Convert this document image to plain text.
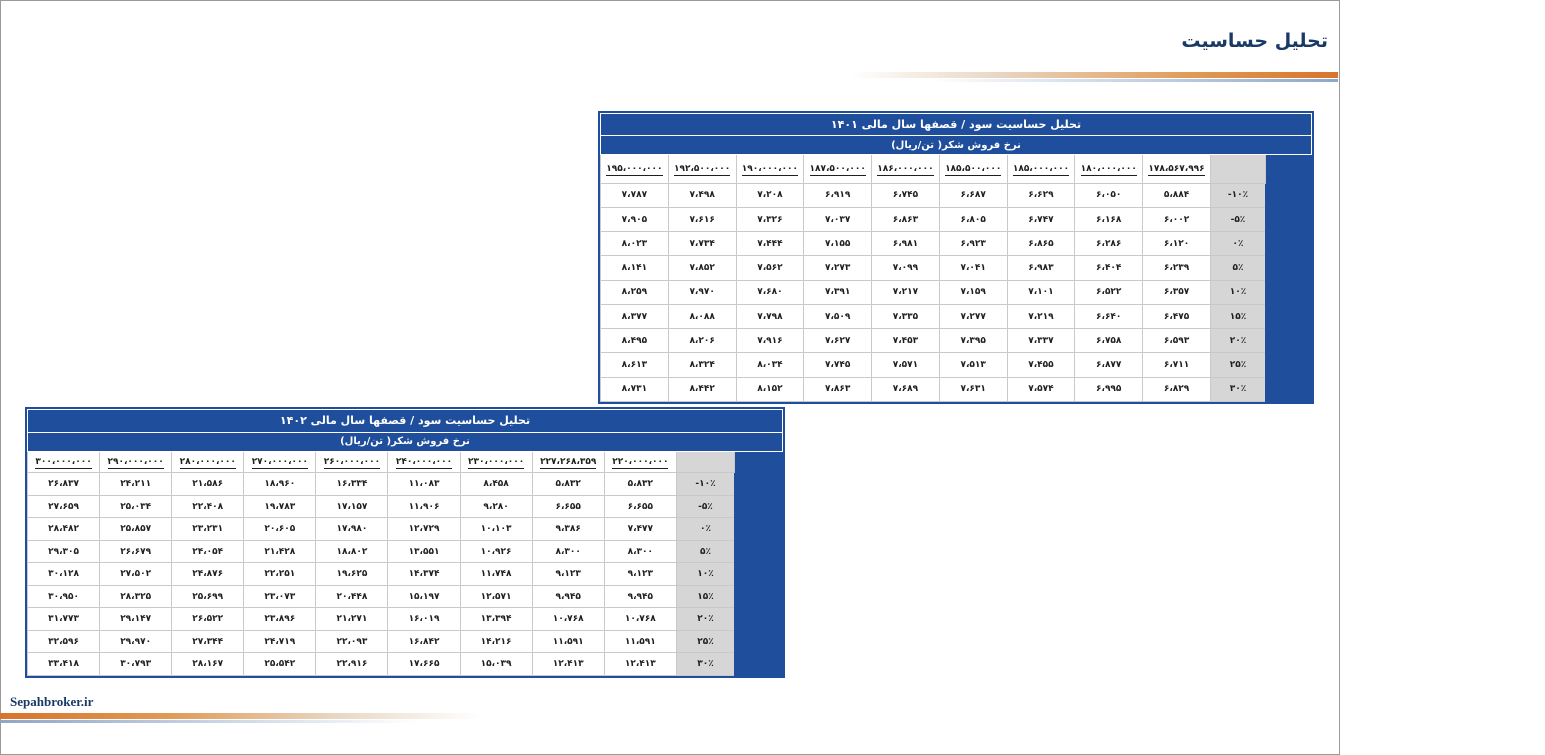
تحلیل حساسیت
تحلیل حساسیت سود / قصفها سال مالی ۱۴۰۱										
نرخ فروش شکر( تن/ریال)										
۱۹۵،۰۰۰،۰۰۰	۱۹۲،۵۰۰،۰۰۰	۱۹۰،۰۰۰،۰۰۰	۱۸۷،۵۰۰،۰۰۰	۱۸۶،۰۰۰،۰۰۰	۱۸۵،۵۰۰،۰۰۰	۱۸۵،۰۰۰،۰۰۰	۱۸۰،۰۰۰،۰۰۰	۱۷۸،۵۶۷،۹۹۶		درصد افزایش و کاهش حجم فروش شکر تولیدی از چغندر
۷،۷۸۷	۷،۴۹۸	۷،۲۰۸	۶،۹۱۹	۶،۷۴۵	۶،۶۸۷	۶،۶۲۹	۶،۰۵۰	۵،۸۸۴	-۱۰٪	
۷،۹۰۵	۷،۶۱۶	۷،۳۲۶	۷،۰۳۷	۶،۸۶۳	۶،۸۰۵	۶،۷۴۷	۶،۱۶۸	۶،۰۰۲	-۵٪	
۸،۰۲۳	۷،۷۳۴	۷،۴۴۴	۷،۱۵۵	۶،۹۸۱	۶،۹۲۳	۶،۸۶۵	۶،۲۸۶	۶،۱۲۰	۰٪	
۸،۱۴۱	۷،۸۵۲	۷،۵۶۲	۷،۲۷۳	۷،۰۹۹	۷،۰۴۱	۶،۹۸۳	۶،۴۰۴	۶،۲۳۹	۵٪	
۸،۲۵۹	۷،۹۷۰	۷،۶۸۰	۷،۳۹۱	۷،۲۱۷	۷،۱۵۹	۷،۱۰۱	۶،۵۲۲	۶،۳۵۷	۱۰٪	
۸،۳۷۷	۸،۰۸۸	۷،۷۹۸	۷،۵۰۹	۷،۳۳۵	۷،۲۷۷	۷،۲۱۹	۶،۶۴۰	۶،۴۷۵	۱۵٪	
۸،۴۹۵	۸،۲۰۶	۷،۹۱۶	۷،۶۲۷	۷،۴۵۳	۷،۳۹۵	۷،۳۳۷	۶،۷۵۸	۶،۵۹۳	۲۰٪	
۸،۶۱۳	۸،۳۲۴	۸،۰۳۴	۷،۷۴۵	۷،۵۷۱	۷،۵۱۳	۷،۴۵۵	۶،۸۷۷	۶،۷۱۱	۲۵٪	
۸،۷۳۱	۸،۴۴۲	۸،۱۵۲	۷،۸۶۳	۷،۶۸۹	۷،۶۳۱	۷،۵۷۴	۶،۹۹۵	۶،۸۲۹	۳۰٪	
تحلیل حساسیت سود / قصفها سال مالی ۱۴۰۲										
نرخ فروش شکر( تن/ریال)										
۳۰۰،۰۰۰،۰۰۰	۲۹۰،۰۰۰،۰۰۰	۲۸۰،۰۰۰،۰۰۰	۲۷۰،۰۰۰،۰۰۰	۲۶۰،۰۰۰،۰۰۰	۲۴۰،۰۰۰،۰۰۰	۲۳۰،۰۰۰،۰۰۰	۲۲۷،۲۶۸،۳۵۹	۲۲۰،۰۰۰،۰۰۰		درصد افزایش و کاهش حجم فروش شکر تولیدی از چغندر
۲۶،۸۳۷	۲۴،۲۱۱	۲۱،۵۸۶	۱۸،۹۶۰	۱۶،۳۳۴	۱۱،۰۸۳	۸،۴۵۸	۵،۸۳۲	۵،۸۳۲	-۱۰٪	
۲۷،۶۵۹	۲۵،۰۳۴	۲۲،۴۰۸	۱۹،۷۸۳	۱۷،۱۵۷	۱۱،۹۰۶	۹،۲۸۰	۶،۶۵۵	۶،۶۵۵	-۵٪	
۲۸،۴۸۲	۲۵،۸۵۷	۲۳،۲۳۱	۲۰،۶۰۵	۱۷،۹۸۰	۱۲،۷۲۹	۱۰،۱۰۳	۹،۳۸۶	۷،۴۷۷	۰٪	
۲۹،۳۰۵	۲۶،۶۷۹	۲۴،۰۵۴	۲۱،۴۲۸	۱۸،۸۰۲	۱۳،۵۵۱	۱۰،۹۲۶	۸،۳۰۰	۸،۳۰۰	۵٪	
۳۰،۱۲۸	۲۷،۵۰۲	۲۴،۸۷۶	۲۲،۲۵۱	۱۹،۶۲۵	۱۴،۳۷۴	۱۱،۷۴۸	۹،۱۲۳	۹،۱۲۳	۱۰٪	
۳۰،۹۵۰	۲۸،۳۲۵	۲۵،۶۹۹	۲۳،۰۷۳	۲۰،۴۴۸	۱۵،۱۹۷	۱۲،۵۷۱	۹،۹۴۵	۹،۹۴۵	۱۵٪	
۳۱،۷۷۳	۲۹،۱۴۷	۲۶،۵۲۲	۲۳،۸۹۶	۲۱،۲۷۱	۱۶،۰۱۹	۱۳،۳۹۴	۱۰،۷۶۸	۱۰،۷۶۸	۲۰٪	
۳۲،۵۹۶	۲۹،۹۷۰	۲۷،۳۴۴	۲۴،۷۱۹	۲۲،۰۹۳	۱۶،۸۴۲	۱۴،۲۱۶	۱۱،۵۹۱	۱۱،۵۹۱	۲۵٪	
۳۳،۴۱۸	۳۰،۷۹۳	۲۸،۱۶۷	۲۵،۵۴۲	۲۲،۹۱۶	۱۷،۶۶۵	۱۵،۰۳۹	۱۲،۴۱۳	۱۲،۴۱۳	۳۰٪	
Sepahbroker.ir
